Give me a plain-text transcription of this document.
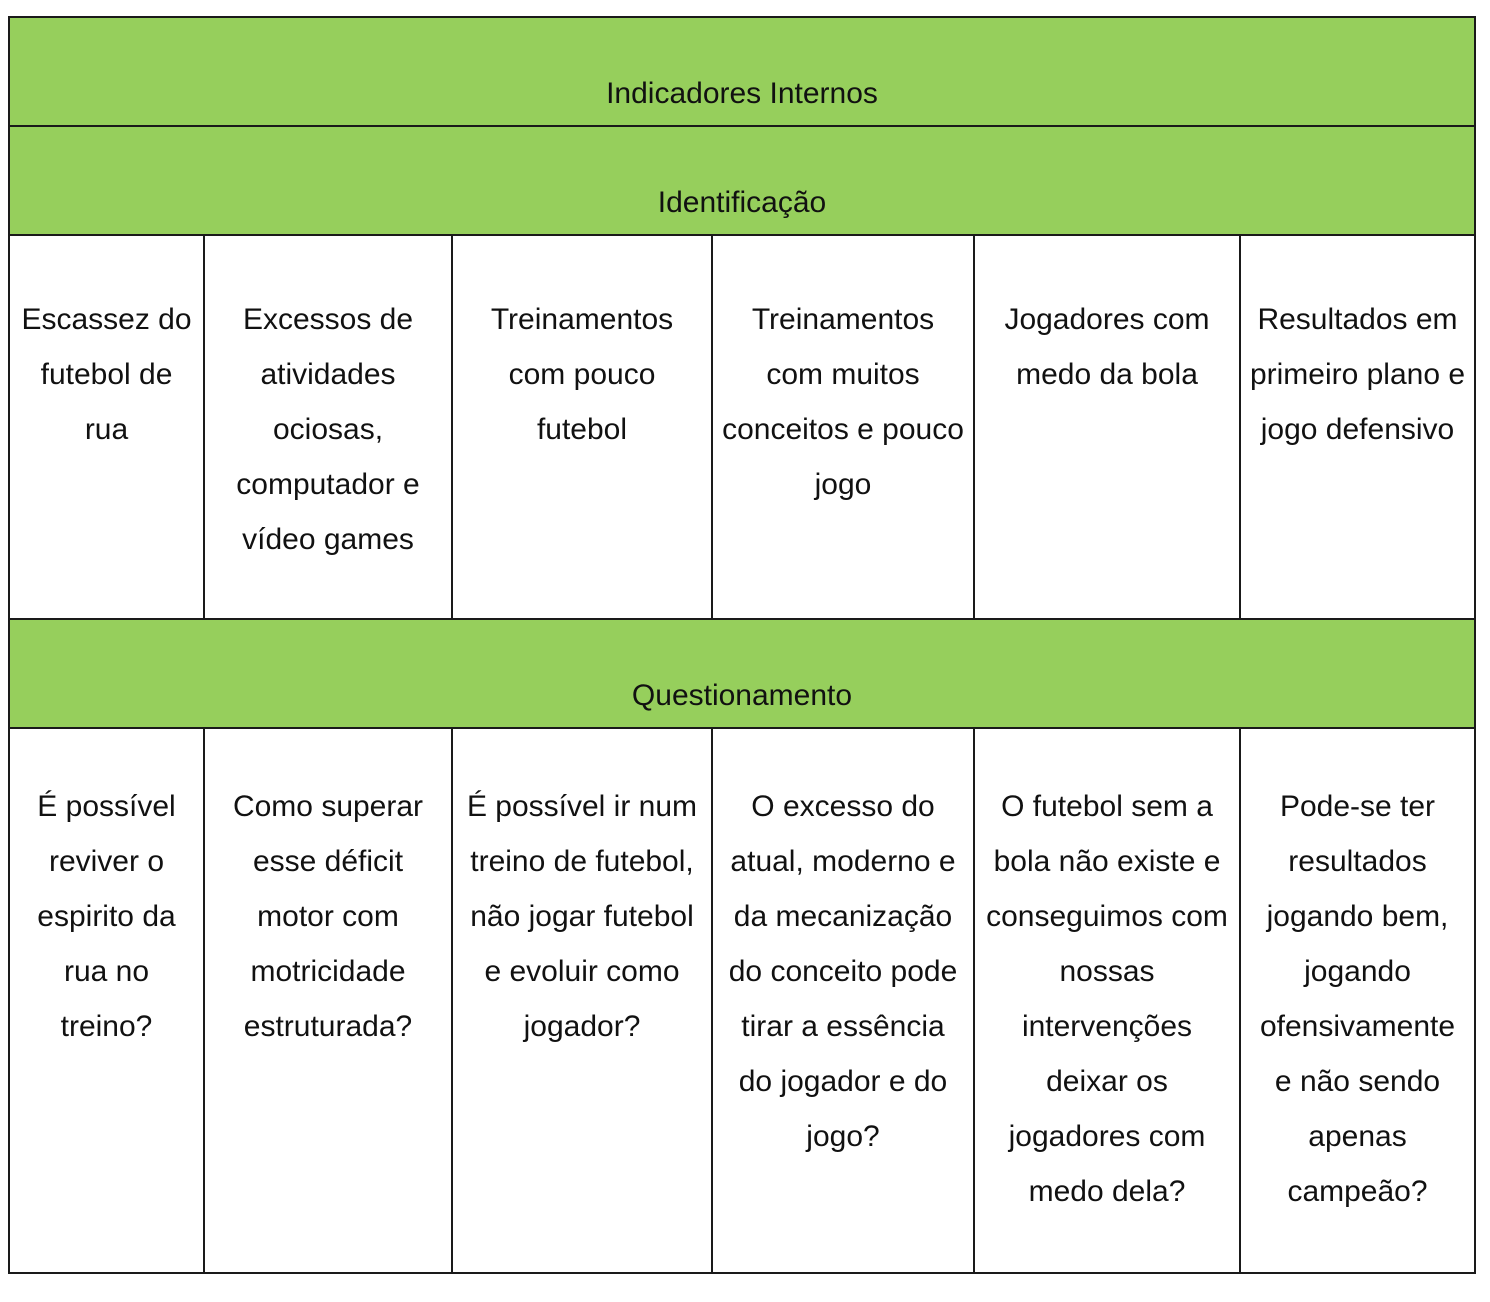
Indicadores Internos					

Identificação					

Escassez do futebol de rua	Excessos de atividades ociosas, computador e vídeo games	Treinamentos com pouco futebol	Treinamentos com muitos conceitos e pouco jogo	Jogadores com medo da bola	Resultados em primeiro plano e jogo defensivo

Questionamento					

É possível reviver o espirito da rua no treino?	Como superar esse déficit motor com motricidade estruturada?	É possível ir num treino de futebol, não jogar futebol e evoluir como jogador?	O excesso do atual, moderno e da mecanização do conceito pode tirar a essência do jogador e do jogo?	O futebol sem a bola não existe e conseguimos com nossas intervenções deixar os jogadores com medo dela?	Pode-se ter resultados jogando bem, jogando ofensivamente e não sendo apenas campeão?
